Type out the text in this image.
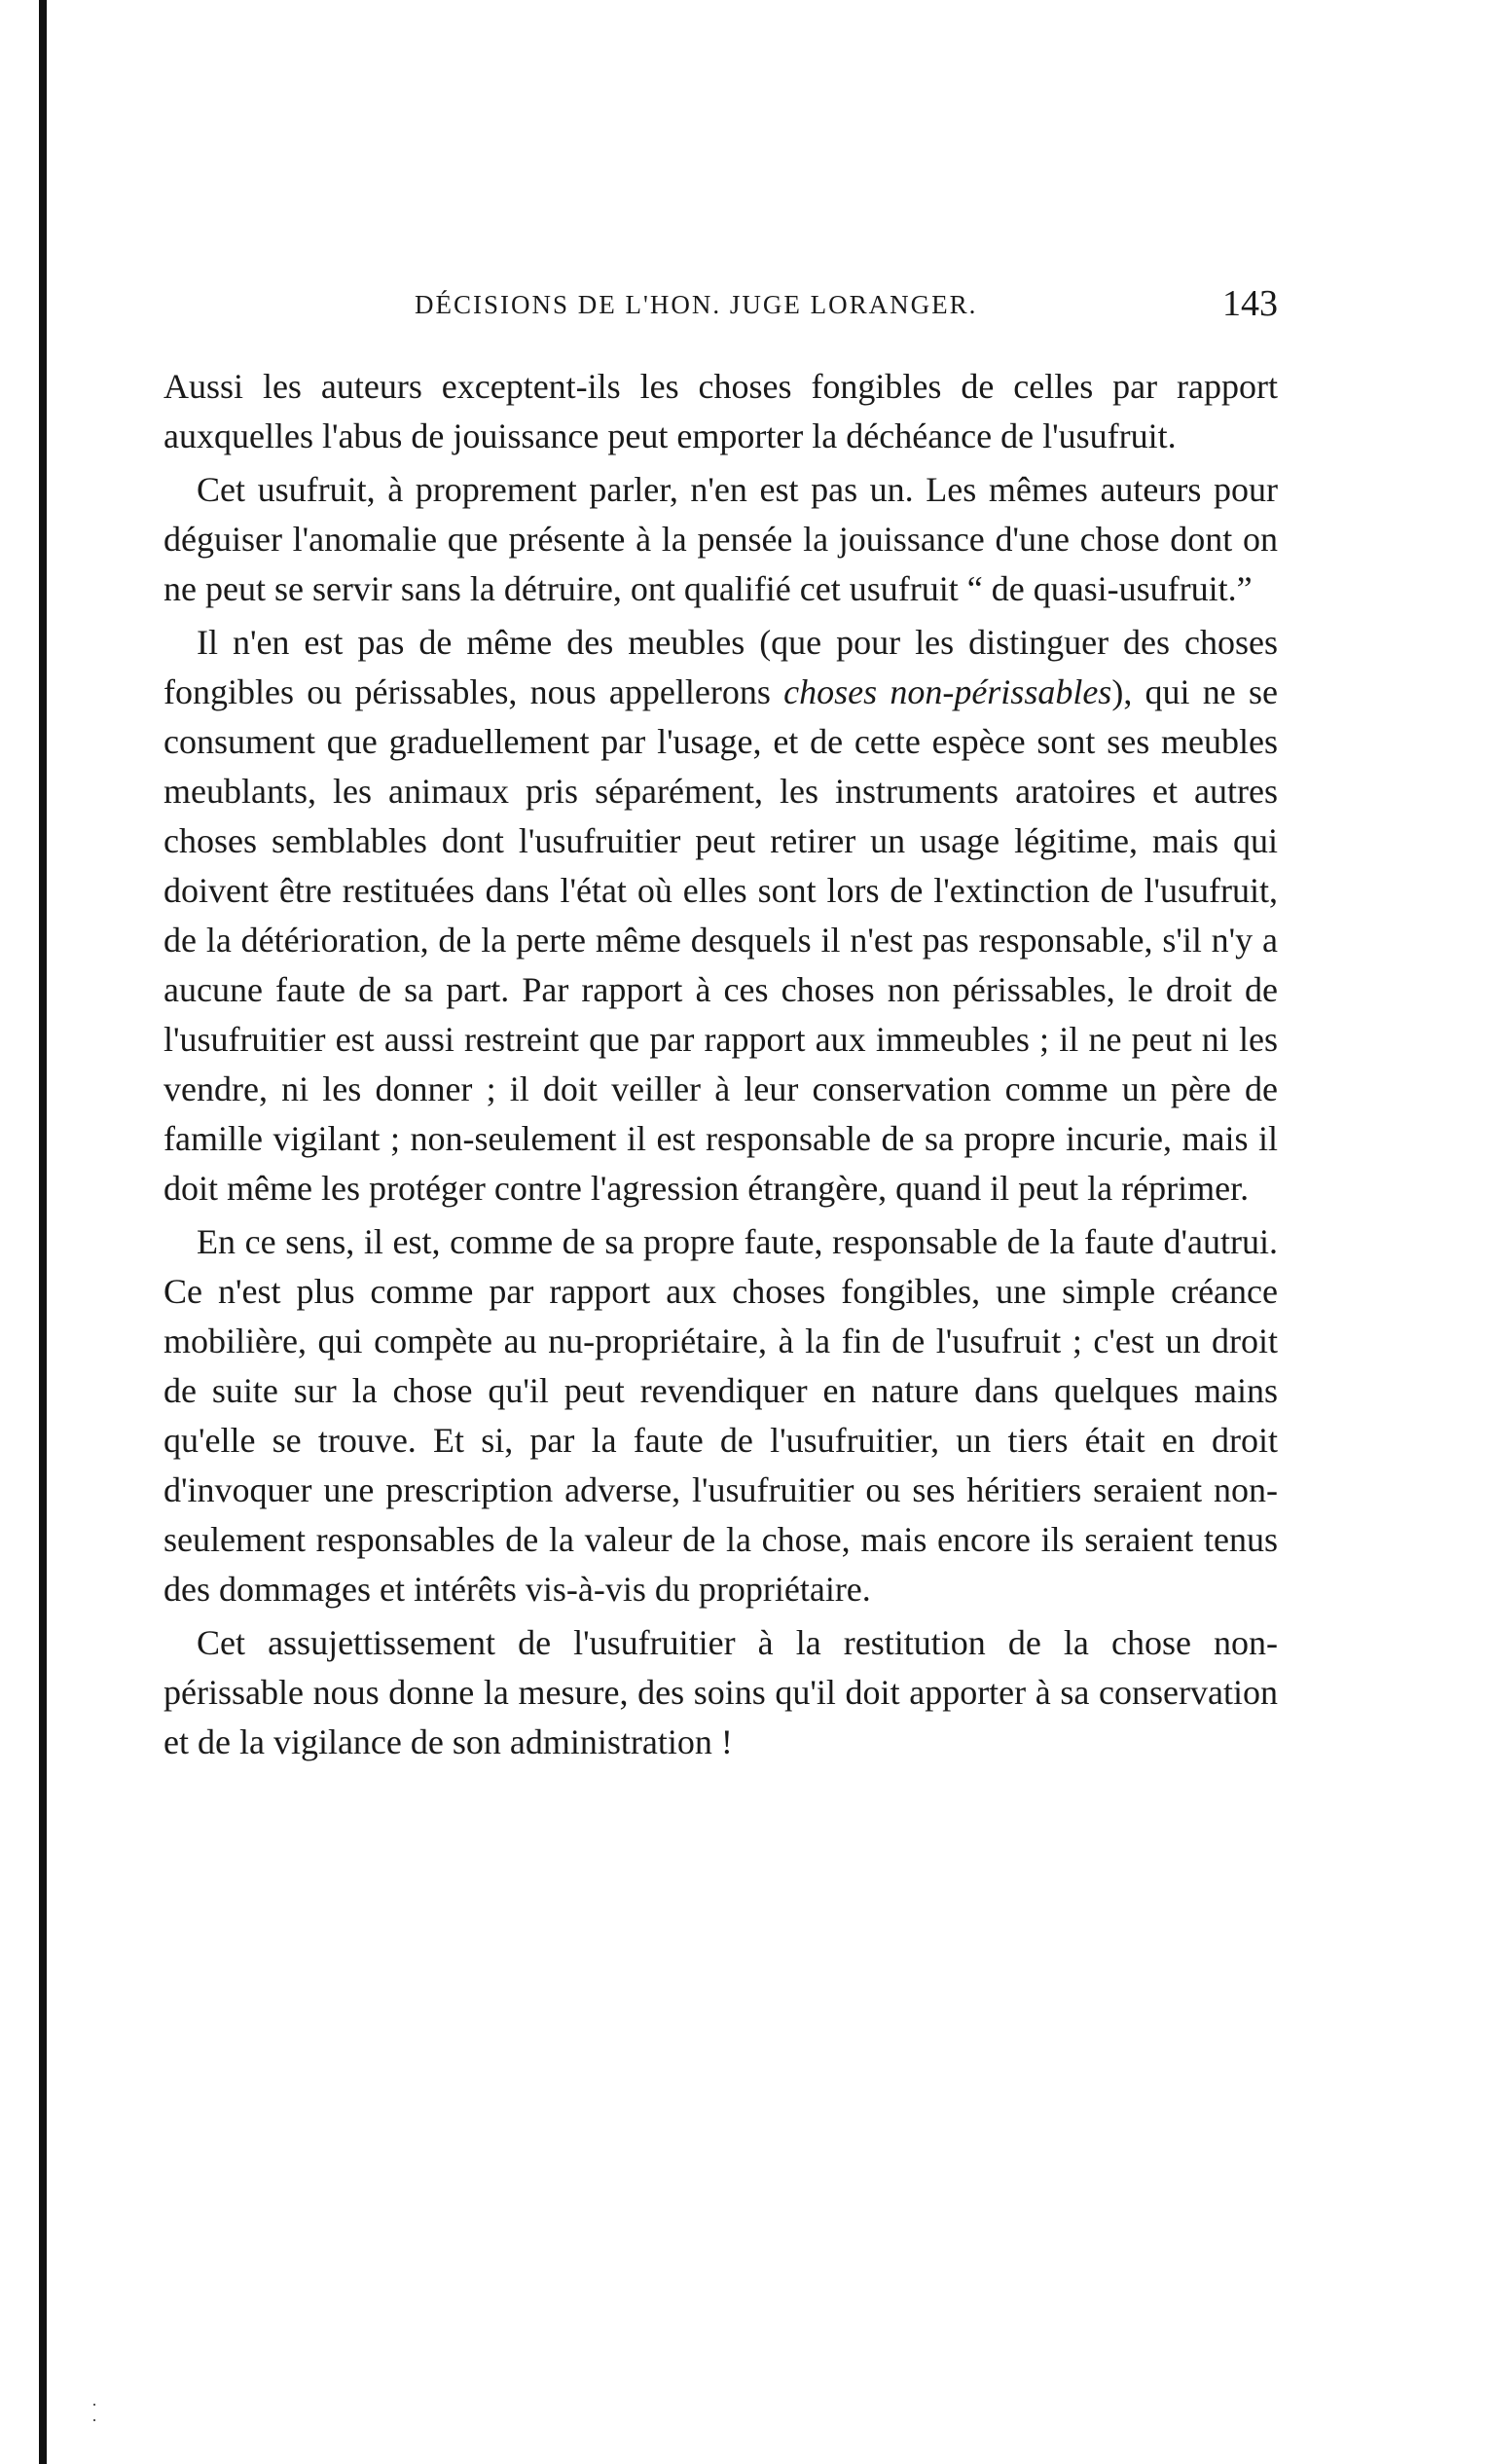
DÉCISIONS DE L'HON. JUGE LORANGER.	143

Aussi les auteurs exceptent-ils les choses fongibles de celles par rapport auxquelles l'abus de jouissance peut emporter la déchéance de l'usufruit.

Cet usufruit, à proprement parler, n'en est pas un. Les mêmes auteurs pour déguiser l'anomalie que présente à la pensée la jouissance d'une chose dont on ne peut se servir sans la détruire, ont qualifié cet usufruit “ de quasi-usufruit.”

Il n'en est pas de même des meubles (que pour les distinguer des choses fongibles ou périssables, nous appellerons choses non-périssables), qui ne se consument que graduellement par l'usage, et de cette espèce sont ses meubles meublants, les animaux pris séparément, les instruments aratoires et autres choses semblables dont l'usufruitier peut retirer un usage légitime, mais qui doivent être restituées dans l'état où elles sont lors de l'extinction de l'usufruit, de la détérioration, de la perte même desquels il n'est pas responsable, s'il n'y a aucune faute de sa part. Par rapport à ces choses non périssables, le droit de l'usufruitier est aussi restreint que par rapport aux immeubles ; il ne peut ni les vendre, ni les donner ; il doit veiller à leur conservation comme un père de famille vigilant ; non-seulement il est responsable de sa propre incurie, mais il doit même les protéger contre l'agression étrangère, quand il peut la réprimer.

En ce sens, il est, comme de sa propre faute, responsable de la faute d'autrui. Ce n'est plus comme par rapport aux choses fongibles, une simple créance mobilière, qui compète au nu-propriétaire, à la fin de l'usufruit ; c'est un droit de suite sur la chose qu'il peut revendiquer en nature dans quelques mains qu'elle se trouve. Et si, par la faute de l'usufruitier, un tiers était en droit d'invoquer une prescription adverse, l'usufruitier ou ses héritiers seraient non-seulement responsables de la valeur de la chose, mais encore ils seraient tenus des dommages et intérêts vis-à-vis du propriétaire.

Cet assujettissement de l'usufruitier à la restitution de la chose non-périssable nous donne la mesure, des soins qu'il doit apporter à sa conservation et de la vigilance de son administration !
